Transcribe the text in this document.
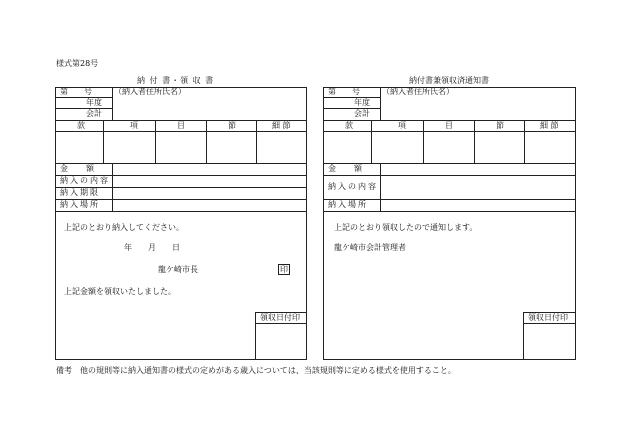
様式第28号
納 付 書・領 収 書
第　　号	（納入者住所氏名）
年度
会計
款	項	目	節	細 節
金　額
納入の内容
納入期限
納入場所
上記のとおり納入してください。
年　　月　　日
龍ケ崎市長	印
上記金額を領収いたしました。
領収日付印
納付書兼領収済通知書
第　　号	（納入者住所氏名）
年度
会計
款	項	目	節	細 節
金　額
納入の内容
納入場所
上記のとおり領収したので通知します。
龍ケ崎市会計管理者
領収日付印
備考　他の規則等に納入通知書の様式の定めがある歳入については、当該規則等に定める様式を使用すること。
